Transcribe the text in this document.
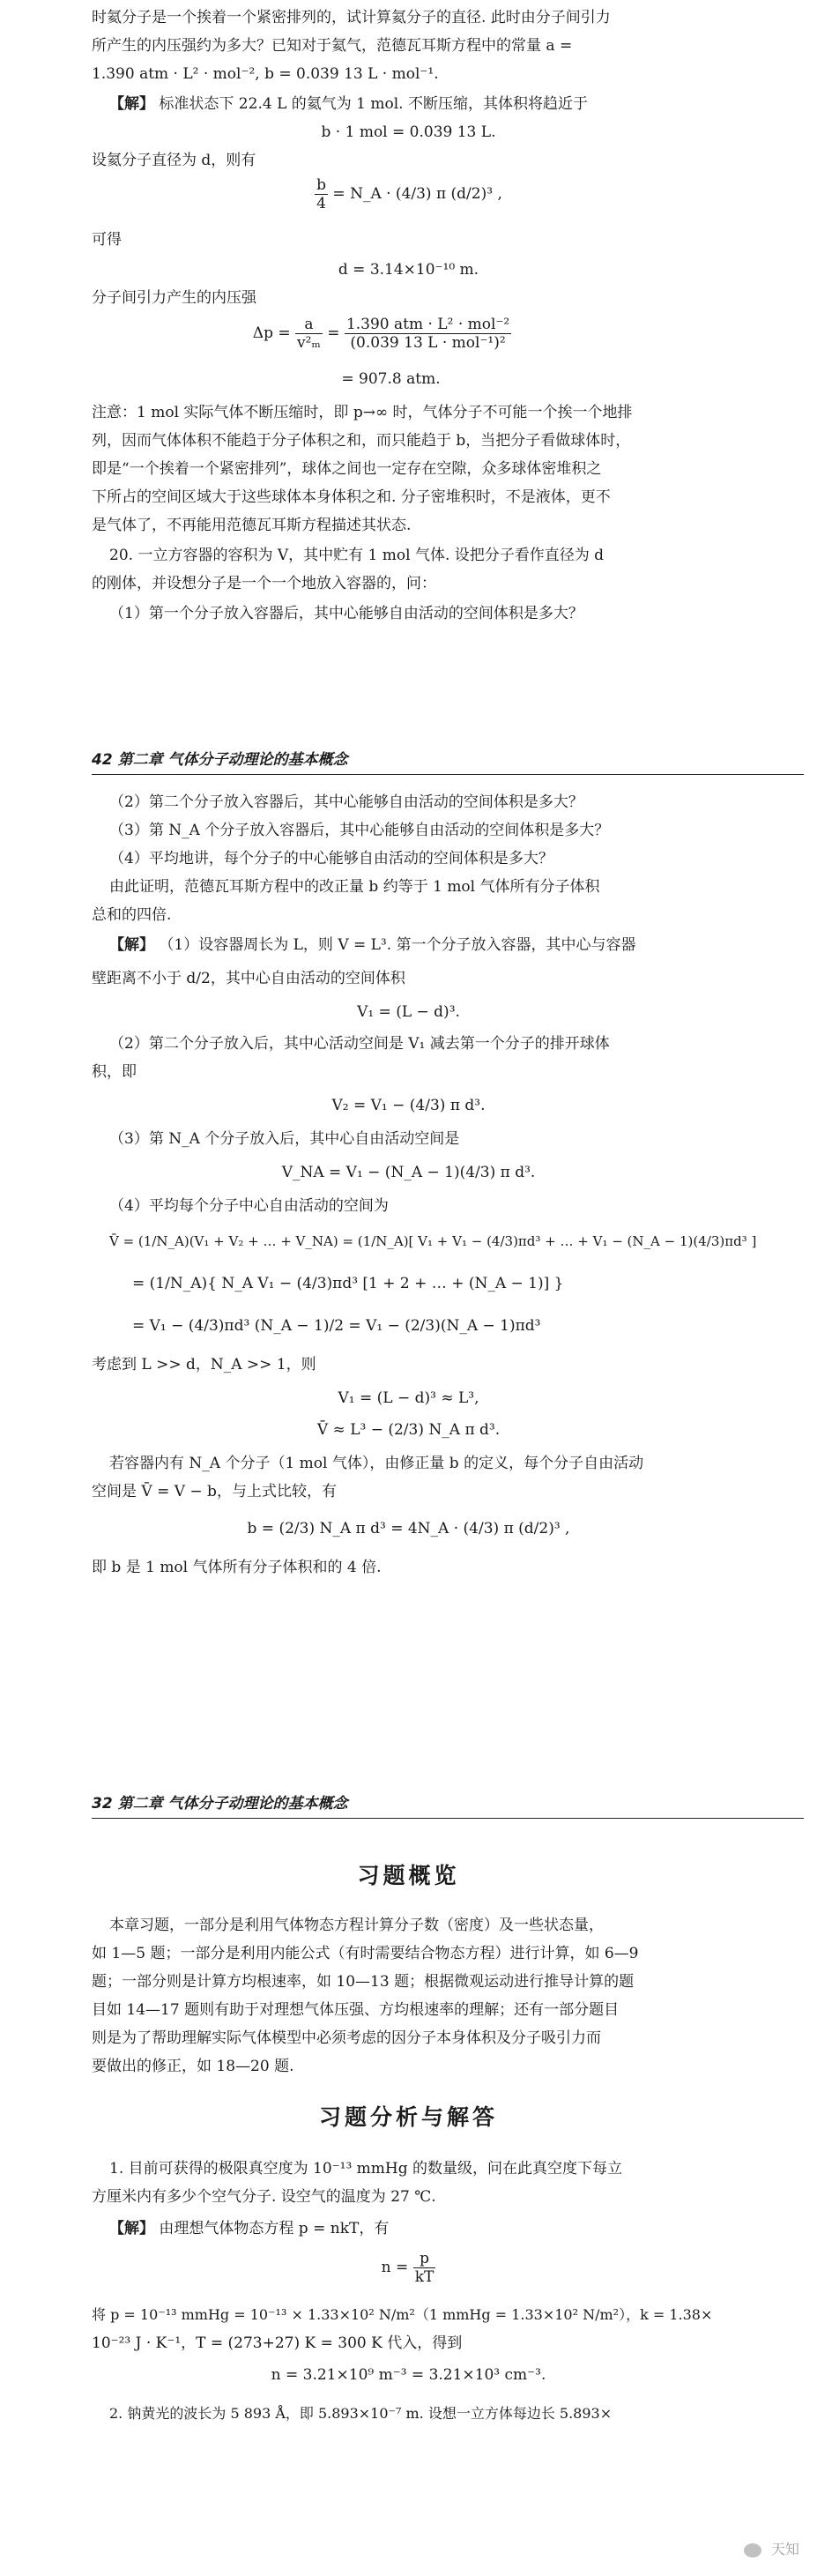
时氦分子是一个挨着一个紧密排列的，试计算氦分子的直径. 此时由分子间引力

所产生的内压强约为多大？已知对于氦气，范德瓦耳斯方程中的常量 a =

1.390 atm · L² · mol⁻², b = 0.039 13 L · mol⁻¹.

【解】 标准状态下 22.4 L 的氦气为 1 mol. 不断压缩，其体积将趋近于

b · 1 mol = 0.039 13 L.

设氦分子直径为 d，则有

$\frac{b}{4}$ = N_A · (4/3) π (d/2)³ ,

可得

d = 3.14×10⁻¹⁰ m.

分子间引力产生的内压强

$\Delta p = \frac{a}{\text{v²ₘ}} = \frac{\text{1.390 atm · L² · mol⁻²}}{\text{(0.039 13 L · mol⁻¹)²}}$

= 907.8 atm.

注意：1 mol 实际气体不断压缩时，即 p→∞ 时，气体分子不可能一个挨一个地排

列，因而气体体积不能趋于分子体积之和，而只能趋于 b，当把分子看做球体时，

即是“一个挨着一个紧密排列”，球体之间也一定存在空隙，众多球体密堆积之

下所占的空间区域大于这些球体本身体积之和. 分子密堆积时，不是液体，更不

是气体了，不再能用范德瓦耳斯方程描述其状态.

20. 一立方容器的容积为 V，其中贮有 1 mol 气体. 设把分子看作直径为 d

的刚体，并设想分子是一个一个地放入容器的，问：

（1）第一个分子放入容器后，其中心能够自由活动的空间体积是多大？

42 第二章 气体分子动理论的基本概念

（2）第二个分子放入容器后，其中心能够自由活动的空间体积是多大？

（3）第 N_A 个分子放入容器后，其中心能够自由活动的空间体积是多大？

（4）平均地讲，每个分子的中心能够自由活动的空间体积是多大？

由此证明，范德瓦耳斯方程中的改正量 b 约等于 1 mol 气体所有分子体积

总和的四倍.

【解】 （1）设容器周长为 L，则 V = L³. 第一个分子放入容器，其中心与容器

壁距离不小于 d/2，其中心自由活动的空间体积

V₁ = (L − d)³.

（2）第二个分子放入后，其中心活动空间是 V₁ 减去第一个分子的排开球体

积，即

V₂ = V₁ − (4/3) π d³.

（3）第 N_A 个分子放入后，其中心自由活动空间是

V_NA = V₁ − (N_A − 1)(4/3) π d³.

（4）平均每个分子中心自由活动的空间为

V̄ = (1/N_A)(V₁ + V₂ + … + V_NA) = (1/N_A)[ V₁ + V₁ − (4/3)πd³ + … + V₁ − (N_A − 1)(4/3)πd³ ]

= (1/N_A){ N_A V₁ − (4/3)πd³ [1 + 2 + … + (N_A − 1)] }

= V₁ − (4/3)πd³ (N_A − 1)/2 = V₁ − (2/3)(N_A − 1)πd³

考虑到 L >> d，N_A >> 1，则

V₁ = (L − d)³ ≈ L³,

V̄ ≈ L³ − (2/3) N_A π d³.

若容器内有 N_A 个分子（1 mol 气体），由修正量 b 的定义，每个分子自由活动

空间是 V̄ = V − b，与上式比较，有

b = (2/3) N_A π d³ = 4N_A · (4/3) π (d/2)³ ,

即 b 是 1 mol 气体所有分子体积和的 4 倍.

32 第二章 气体分子动理论的基本概念
习题概览

本章习题，一部分是利用气体物态方程计算分子数（密度）及一些状态量，

如 1—5 题；一部分是利用内能公式（有时需要结合物态方程）进行计算，如 6—9

题；一部分则是计算方均根速率，如 10—13 题；根据微观运动进行推导计算的题

目如 14—17 题则有助于对理想气体压强、方均根速率的理解；还有一部分题目

则是为了帮助理解实际气体模型中必须考虑的因分子本身体积及分子吸引力而

要做出的修正，如 18—20 题.

习题分析与解答

1. 目前可获得的极限真空度为 10⁻¹³ mmHg 的数量级，问在此真空度下每立

方厘米内有多少个空气分子. 设空气的温度为 27 ℃.

【解】 由理想气体物态方程 p = nkT，有

$n = \frac{p}{kT}$

将 p = 10⁻¹³ mmHg = 10⁻¹³ × 1.33×10² N/m²（1 mmHg = 1.33×10² N/m²），k = 1.38×

10⁻²³ J · K⁻¹，T = (273+27) K = 300 K 代入，得到

n = 3.21×10⁹ m⁻³ = 3.21×10³ cm⁻³.

2. 钠黄光的波长为 5 893 Å，即 5.893×10⁻⁷ m. 设想一立方体每边长 5.893×

天知
